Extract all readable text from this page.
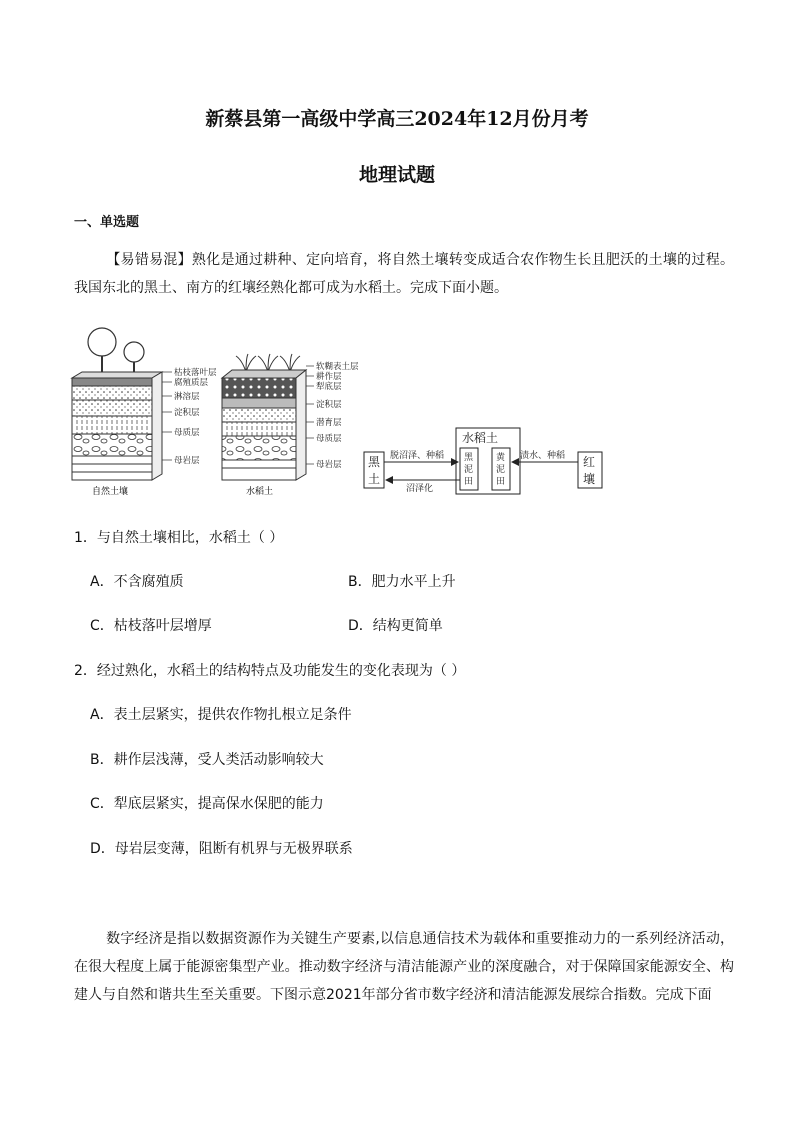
新蔡县第一高级中学高三2024年12月份月考
地理试题
一、单选题
【易错易混】熟化是通过耕种、定向培育，将自然土壤转变成适合农作物生长且肥沃的土壤的过程。我国东北的黑土、南方的红壤经熟化都可成为水稻土。完成下面小题。
枯枝落叶层
腐殖质层
淋溶层
淀积层
母质层
母岩层
自然土壤
软糊表土层
耕作层
犁底层
淀积层
潜育层
母质层
母岩层
水稻土
水稻土
黑土
红壤
黑泥田
黄泥田
脱沼泽、种稻
沼泽化
渍水、种稻
1．与自然土壤相比，水稻土（ ）
A．不含腐殖质	B．肥力水平上升
C．枯枝落叶层增厚	D．结构更简单
2．经过熟化，水稻土的结构特点及功能发生的变化表现为（ ）
A．表土层紧实，提供农作物扎根立足条件
B．耕作层浅薄，受人类活动影响较大
C．犁底层紧实，提高保水保肥的能力
D．母岩层变薄，阻断有机界与无极界联系
数字经济是指以数据资源作为关键生产要素,以信息通信技术为载体和重要推动力的一系列经济活动，在很大程度上属于能源密集型产业。推动数字经济与清洁能源产业的深度融合，对于保障国家能源安全、构建人与自然和谐共生至关重要。下图示意2021年部分省市数字经济和清洁能源发展综合指数。完成下面
